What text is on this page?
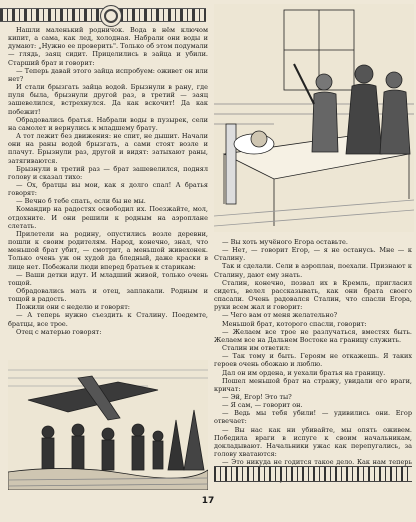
Нашли маленький родничок. Вода в нём ключом кипит, а сама, как лед, холодная. Набрали они воды и думают: „Нужно ее проверить". Только об этом подумали — глядь, заяц сидит. Прицелились в зайца и убили. Старший брат и говорит:

— Теперь давай этого зайца испробуем: оживет он или нет?

И стали брызгать зайца водой. Брызнули в рану, где пуля была, брызнули другой раз, в третий — заяц зашевелился, встрехнулся. Да как вскочит! Да как побежит!

Обрадовались братья. Набрали воды в пузырек, сели на самолет и вернулись к младшему брату.

А тот лежит без движения: не спит, не дышит. Начали они на раны водой брызгать, а сами стоят возле и плачут. Брызнули раз, другой и видят: затыхают раны, затягиваются.

Брызнули в третий раз — брат зашевелился, поднял голову и сказал тихо:

— Ох, братцы вы мои, как я долго спал! А братья говорят:

— Вечно б тебе спать, если бы не мы.

Командир на радостях освободил их. Поезжайте, мол, отдохните. И они решили к родным на аэроплане слетать.

Прилетели на родину, опустились возле деревни, пошли к своим родителям. Народ, конечно, знал, что меньшой брат убит, — смотрит, а меньшой живехонек. Только очень уж он худой да бледный, даже краски в лице нет. Побежали люди вперед братьев к старикам:

— Ваши детки идут. И младший живой, только очень тощой.

Обрадовались мать и отец, заплакали. Родным и тощой в радость.

Пожили они с неделю и говорят:

— А теперь нужно съездить к Сталину. Поедемте, братцы, все трое.

Отец с матерью говорят:

— Вы хоть мучёного Егора оставьте.

— Нет, — говорит Егор, — я не останусь. Мне — к Сталину.

Так и сделали. Сели в аэроплан, поехали. Признают к Сталину, дают ему знать.

Сталин, конечно, позвал их в Кремль, пригласил сидеть, велел рассказывать, как они брата своего спасали. Очень радовался Сталин, что спасли Егора, руки всем жал и говорит:

— Чего вам от меня желательно?

Меньшой брат, которого спасли, говорит:

— Желаем все трое не разлучаться, вместях быть. Желаем все на Дальнем Востоке на границу служить.

Сталин им ответил:

— Так тому и быть. Героям не откажешь. Я таких героев очень обожаю и люблю.

Дал он им орденa, и уехали братья на границу.

Пошел меньшой брат на стражу, увидали его враги, кричат:

— Эй, Егор! Это ты?

— Я сам, — говорит он.

— Ведь мы тебя убили! — удивились они. Егор отвечает:

— Вы нас как ни убивайте, мы опять оживем. Победила враги в испуге к своим начальникам, докладывают. Начальники ужас как перепугались, за голову хватаются:

— Это никуда не годится такое дело. Как нам теперь

17
